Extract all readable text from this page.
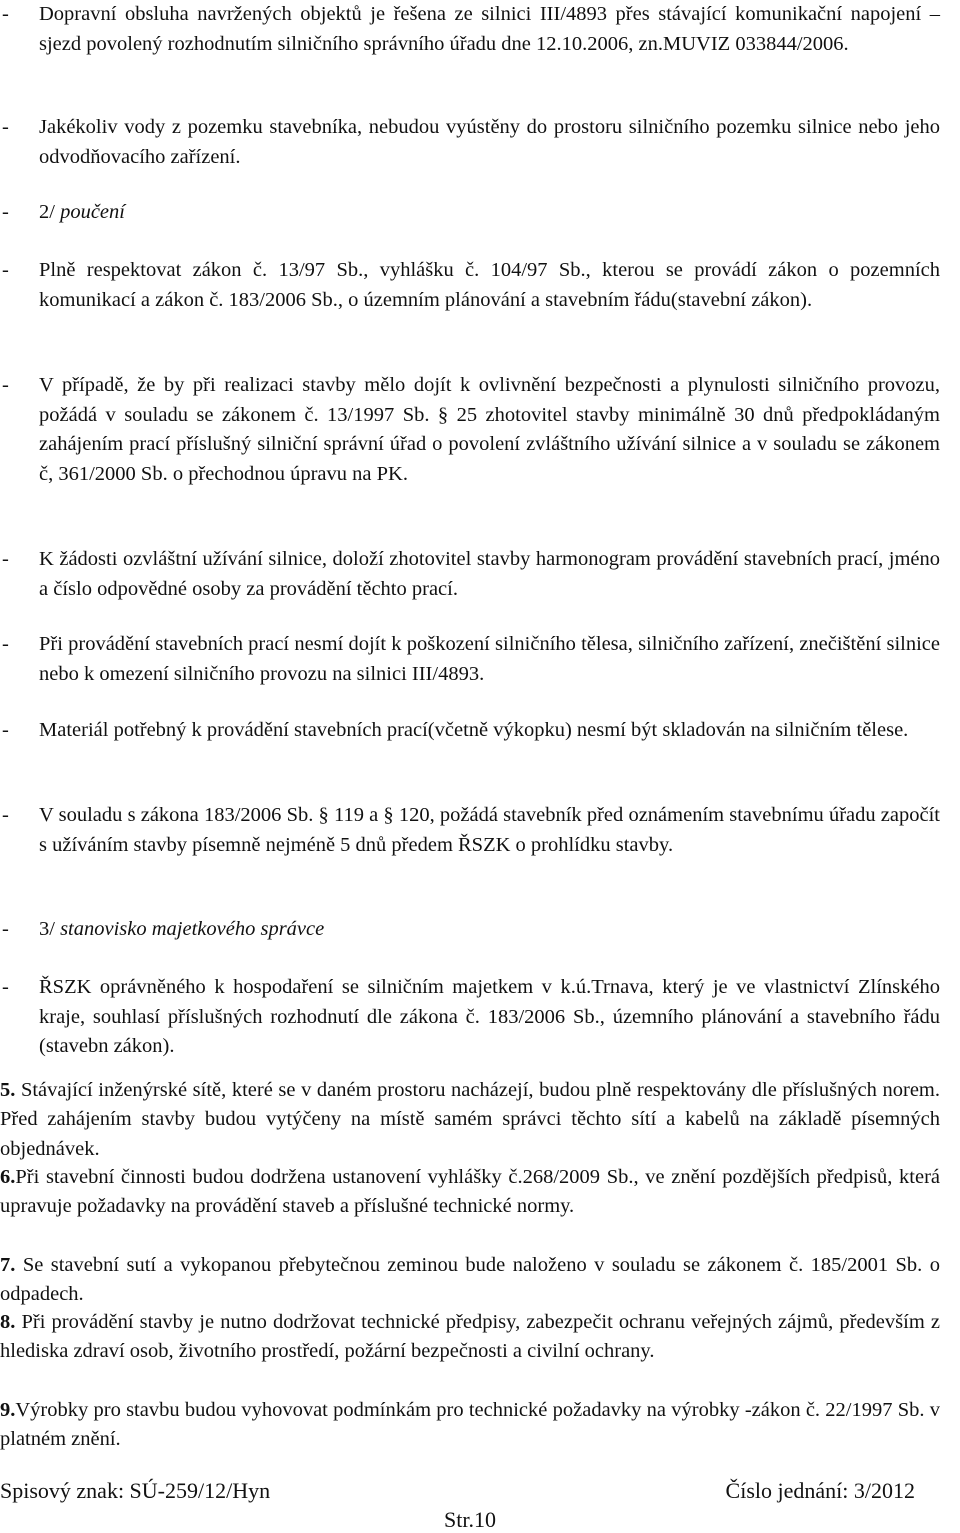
- Dopravní obsluha navržených objektů je řešena ze silnici III/4893 přes stávající komunikační napojení – sjezd povolený rozhodnutím silničního správního úřadu dne 12.10.2006, zn.MUVIZ 033844/2006.
- Jakékoliv vody z pozemku stavebníka, nebudou vyústěny do prostoru silničního pozemku silnice nebo jeho odvodňovacího zařízení.
- 2/ poučení
- Plně respektovat zákon č. 13/97 Sb., vyhlášku č. 104/97 Sb., kterou se provádí zákon o pozemních komunikací a zákon č. 183/2006 Sb., o územním plánování a stavebním řádu(stavební zákon).
- V případě, že by při realizaci stavby mělo dojít k ovlivnění bezpečnosti a plynulosti silničního provozu, požádá v souladu se zákonem č. 13/1997 Sb. § 25 zhotovitel stavby minimálně 30 dnů předpokládaným zahájením prací příslušný silniční správní úřad o povolení zvláštního užívání silnice a v souladu se zákonem č, 361/2000 Sb. o přechodnou úpravu na PK.
- K žádosti ozvláštní užívání silnice, doloží zhotovitel stavby harmonogram provádění stavebních prací, jméno a číslo odpovědné osoby za provádění těchto prací.
- Při provádění stavebních prací nesmí dojít k poškození silničního tělesa, silničního zařízení, znečištění silnice nebo k omezení silničního provozu na silnici III/4893.
- Materiál potřebný k provádění stavebních prací(včetně výkopku) nesmí být skladován na silničním tělese.
- V souladu s zákona 183/2006 Sb. § 119 a § 120, požádá stavebník před oznámením stavebnímu úřadu započít s užíváním stavby písemně nejméně 5 dnů předem ŘSZK o prohlídku stavby.
- 3/ stanovisko majetkového správce
- ŘSZK oprávněného k hospodaření se silničním majetkem v k.ú.Trnava, který je ve vlastnictví Zlínského kraje, souhlasí příslušných rozhodnutí dle zákona č. 183/2006 Sb., územního plánování a stavebního řádu (stavebn zákon).
5. Stávající inženýrské sítě, které se v daném prostoru nacházejí, budou plně respektovány dle příslušných norem. Před zahájením stavby budou vytýčeny na místě samém správci těchto sítí a kabelů na základě písemných objednávek.
6.Při stavební činnosti budou dodržena ustanovení vyhlášky č.268/2009 Sb., ve znění pozdějších předpisů, která upravuje požadavky na provádění staveb a příslušné technické normy.
7. Se stavební sutí a vykopanou přebytečnou zeminou bude naloženo v souladu se zákonem č. 185/2001 Sb. o odpadech.
8. Při provádění stavby je nutno dodržovat technické předpisy, zabezpečit ochranu veřejných zájmů, především z hlediska zdraví osob, životního prostředí, požární bezpečnosti a civilní ochrany.
9.Výrobky pro stavbu budou vyhovovat podmínkám pro technické požadavky na výrobky -zákon č. 22/1997 Sb. v platném znění.
Spisový znak: SÚ-259/12/Hyn	Číslo jednání: 3/2012
Str.10
